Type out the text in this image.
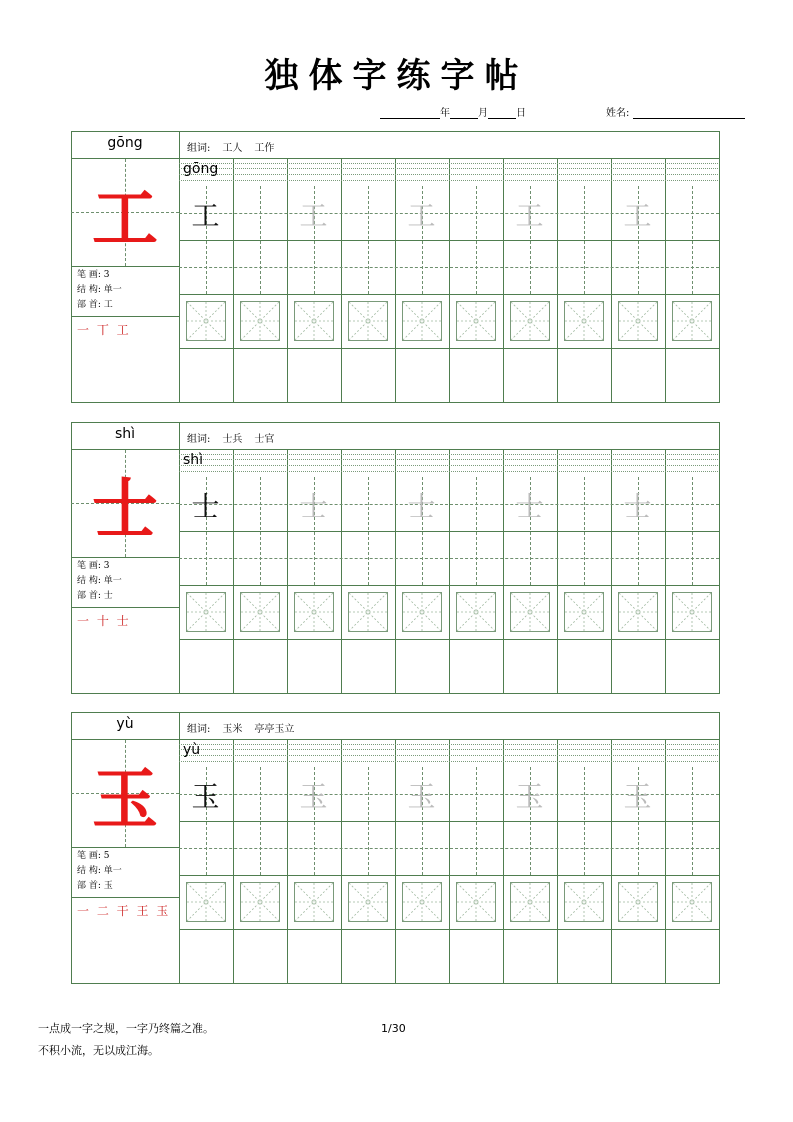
独体字练字帖
年	月	日	姓名:
gōng	组词: 工人 工作
工
笔 画: 3
结 构: 单一
部 首: 工
一 丅 工
gōng
工	工	工	工	工
shì	组词: 士兵 士官
士
笔 画: 3
结 构: 单一
部 首: 士
一 十 士
shì
士	士	士	士	士
yù	组词: 玉米 亭亭玉立
玉
笔 画: 5
结 构: 单一
部 首: 玉
一 二 干 王 玉
yù
玉	玉	玉	玉	玉
1/30
一点成一字之规，一字乃终篇之准。
不积小流，无以成江海。
